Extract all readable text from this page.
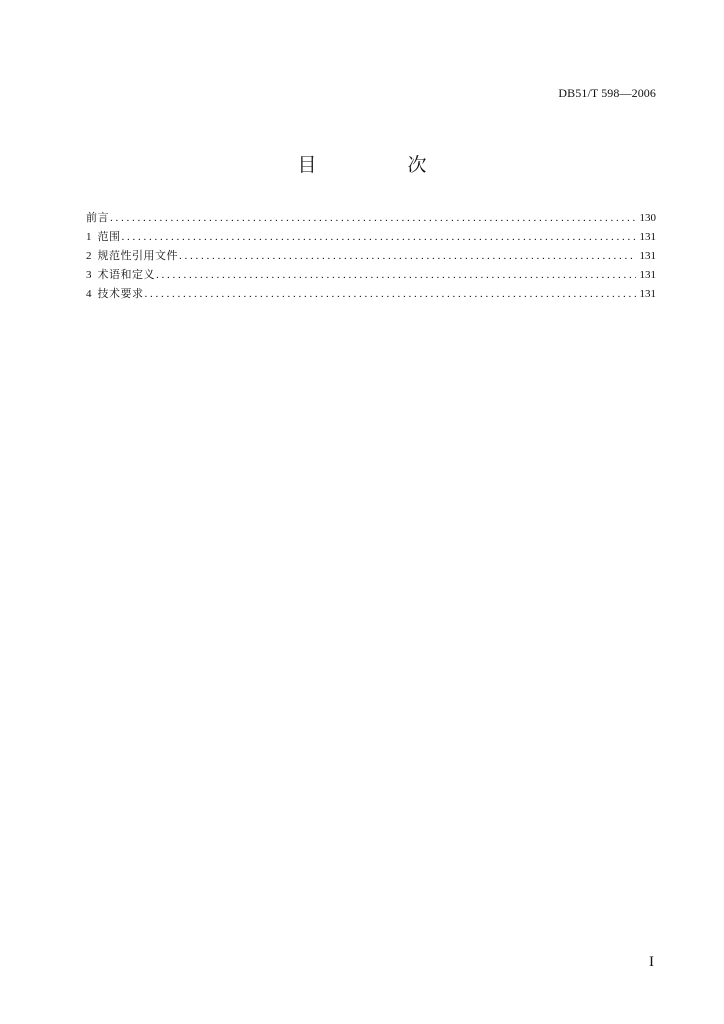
DB51/T 598—2006
目　次
前言 . . .	130
1 范围 . . .	131
2 规范性引用文件 . . .	131
3 术语和定义 . . .	131
4 技术要求 . . .	131
I
